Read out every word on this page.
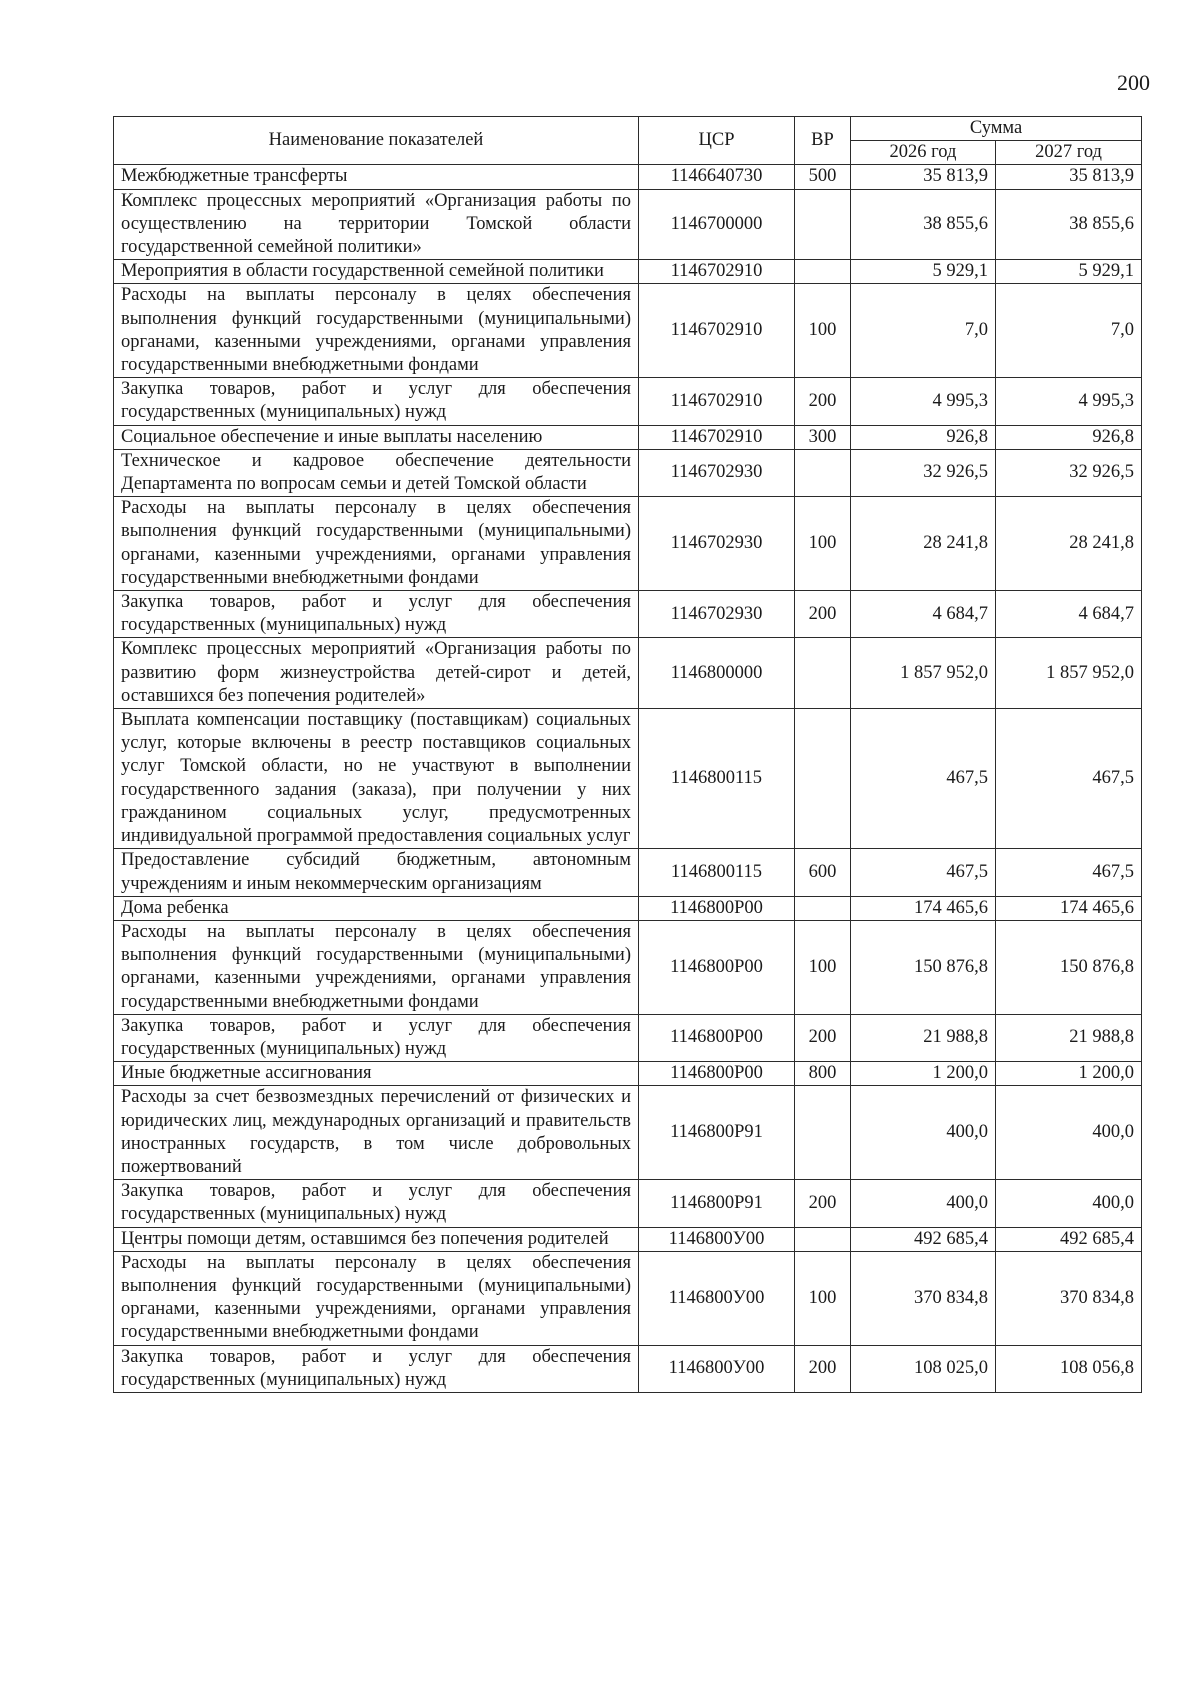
200
Наименование показателей	ЦСР	ВР	Сумма	
			2026 год	2027 год
Межбюджетные трансферты	1146640730	500	35 813,9	35 813,9
Комплекс процессных мероприятий «Организация работы по осуществлению на территории Томской области государственной семейной политики»	1146700000		38 855,6	38 855,6
Мероприятия в области государственной семейной политики	1146702910		5 929,1	5 929,1
Расходы на выплаты персоналу в целях обеспечения выполнения функций государственными (муниципальными) органами, казенными учреждениями, органами управления государственными внебюджетными фондами	1146702910	100	7,0	7,0
Закупка товаров, работ и услуг для обеспечения государственных (муниципальных) нужд	1146702910	200	4 995,3	4 995,3
Социальное обеспечение и иные выплаты населению	1146702910	300	926,8	926,8
Техническое и кадровое обеспечение деятельности Департамента по вопросам семьи и детей Томской области	1146702930		32 926,5	32 926,5
Расходы на выплаты персоналу в целях обеспечения выполнения функций государственными (муниципальными) органами, казенными учреждениями, органами управления государственными внебюджетными фондами	1146702930	100	28 241,8	28 241,8
Закупка товаров, работ и услуг для обеспечения государственных (муниципальных) нужд	1146702930	200	4 684,7	4 684,7
Комплекс процессных мероприятий «Организация работы по развитию форм жизнеустройства детей-сирот и детей, оставшихся без попечения родителей»	1146800000		1 857 952,0	1 857 952,0
Выплата компенсации поставщику (поставщикам) социальных услуг, которые включены в реестр поставщиков социальных услуг Томской области, но не участвуют в выполнении государственного задания (заказа), при получении у них гражданином социальных услуг, предусмотренных индивидуальной программой предоставления социальных услуг	1146800115		467,5	467,5
Предоставление субсидий бюджетным, автономным учреждениям и иным некоммерческим организациям	1146800115	600	467,5	467,5
Дома ребенка	1146800Р00		174 465,6	174 465,6
Расходы на выплаты персоналу в целях обеспечения выполнения функций государственными (муниципальными) органами, казенными учреждениями, органами управления государственными внебюджетными фондами	1146800Р00	100	150 876,8	150 876,8
Закупка товаров, работ и услуг для обеспечения государственных (муниципальных) нужд	1146800Р00	200	21 988,8	21 988,8
Иные бюджетные ассигнования	1146800Р00	800	1 200,0	1 200,0
Расходы за счет безвозмездных перечислений от физических и юридических лиц, международных организаций и правительств иностранных государств, в том числе добровольных пожертвований	1146800Р91		400,0	400,0
Закупка товаров, работ и услуг для обеспечения государственных (муниципальных) нужд	1146800Р91	200	400,0	400,0
Центры помощи детям, оставшимся без попечения родителей	1146800У00		492 685,4	492 685,4
Расходы на выплаты персоналу в целях обеспечения выполнения функций государственными (муниципальными) органами, казенными учреждениями, органами управления государственными внебюджетными фондами	1146800У00	100	370 834,8	370 834,8
Закупка товаров, работ и услуг для обеспечения государственных (муниципальных) нужд	1146800У00	200	108 025,0	108 056,8
